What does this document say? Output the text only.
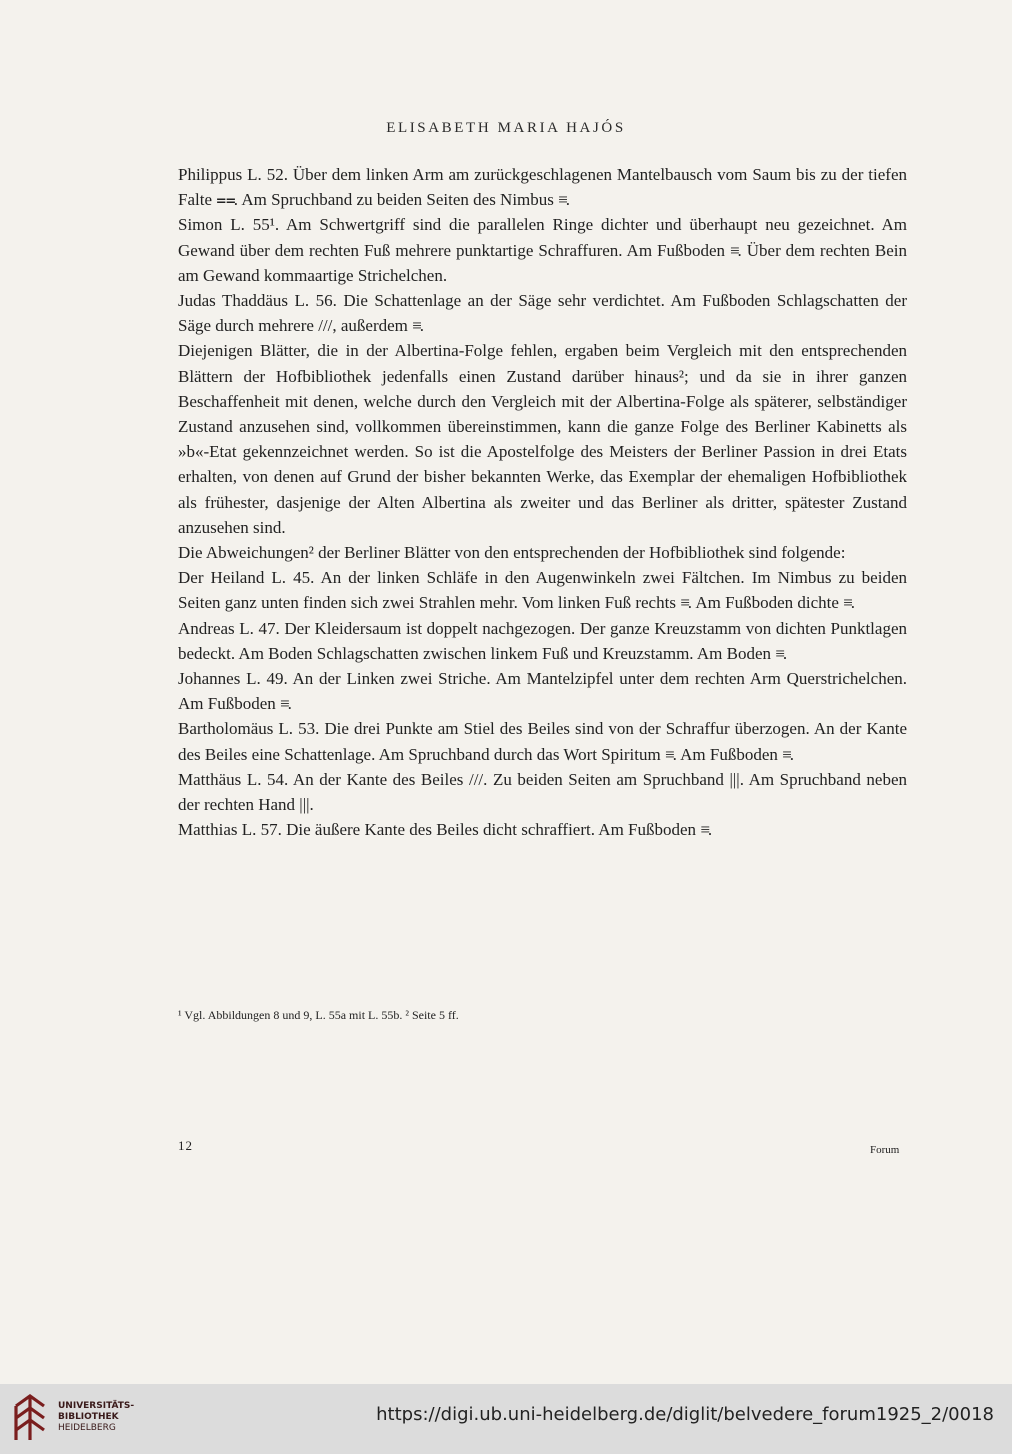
ELISABETH MARIA HAJÓS

Philippus L. 52. Über dem linken Arm am zurückgeschlagenen Mantelbausch vom Saum bis zu der tiefen Falte ⩵. Am Spruchband zu beiden Seiten des Nimbus ≡.

Simon L. 55¹. Am Schwertgriff sind die parallelen Ringe dichter und überhaupt neu gezeichnet. Am Gewand über dem rechten Fuß mehrere punktartige Schraffuren. Am Fußboden ≡. Über dem rechten Bein am Gewand kommaartige Strichelchen.

Judas Thaddäus L. 56. Die Schattenlage an der Säge sehr verdichtet. Am Fußboden Schlagschatten der Säge durch mehrere ///, außerdem ≡.

Diejenigen Blätter, die in der Albertina-Folge fehlen, ergaben beim Vergleich mit den entsprechenden Blättern der Hofbibliothek jedenfalls einen Zustand darüber hinaus²; und da sie in ihrer ganzen Beschaffenheit mit denen, welche durch den Vergleich mit der Albertina-Folge als späterer, selbständiger Zustand anzusehen sind, vollkommen übereinstimmen, kann die ganze Folge des Berliner Kabinetts als »b«-Etat gekennzeichnet werden. So ist die Apostelfolge des Meisters der Berliner Passion in drei Etats erhalten, von denen auf Grund der bisher bekannten Werke, das Exemplar der ehemaligen Hofbibliothek als frühester, dasjenige der Alten Albertina als zweiter und das Berliner als dritter, spätester Zustand anzusehen sind.

Die Abweichungen² der Berliner Blätter von den entsprechenden der Hofbibliothek sind folgende:

Der Heiland L. 45. An der linken Schläfe in den Augenwinkeln zwei Fältchen. Im Nimbus zu beiden Seiten ganz unten finden sich zwei Strahlen mehr. Vom linken Fuß rechts ≡. Am Fußboden dichte ≡.

Andreas L. 47. Der Kleidersaum ist doppelt nachgezogen. Der ganze Kreuzstamm von dichten Punktlagen bedeckt. Am Boden Schlagschatten zwischen linkem Fuß und Kreuzstamm. Am Boden ≡.

Johannes L. 49. An der Linken zwei Striche. Am Mantelzipfel unter dem rechten Arm Querstrichelchen. Am Fußboden ≡.

Bartholomäus L. 53. Die drei Punkte am Stiel des Beiles sind von der Schraffur überzogen. An der Kante des Beiles eine Schattenlage. Am Spruchband durch das Wort Spiritum ≡. Am Fußboden ≡.

Matthäus L. 54. An der Kante des Beiles ///. Zu beiden Seiten am Spruchband |||. Am Spruchband neben der rechten Hand |||.

Matthias L. 57. Die äußere Kante des Beiles dicht schraffiert. Am Fußboden ≡.

¹ Vgl. Abbildungen 8 und 9, L. 55a mit L. 55b. ² Seite 5 ff.
12	Forum
UNIVERSITÄTS-
BIBLIOTHEK
HEIDELBERG
https://digi.ub.uni-heidelberg.de/diglit/belvedere_forum1925_2/0018
